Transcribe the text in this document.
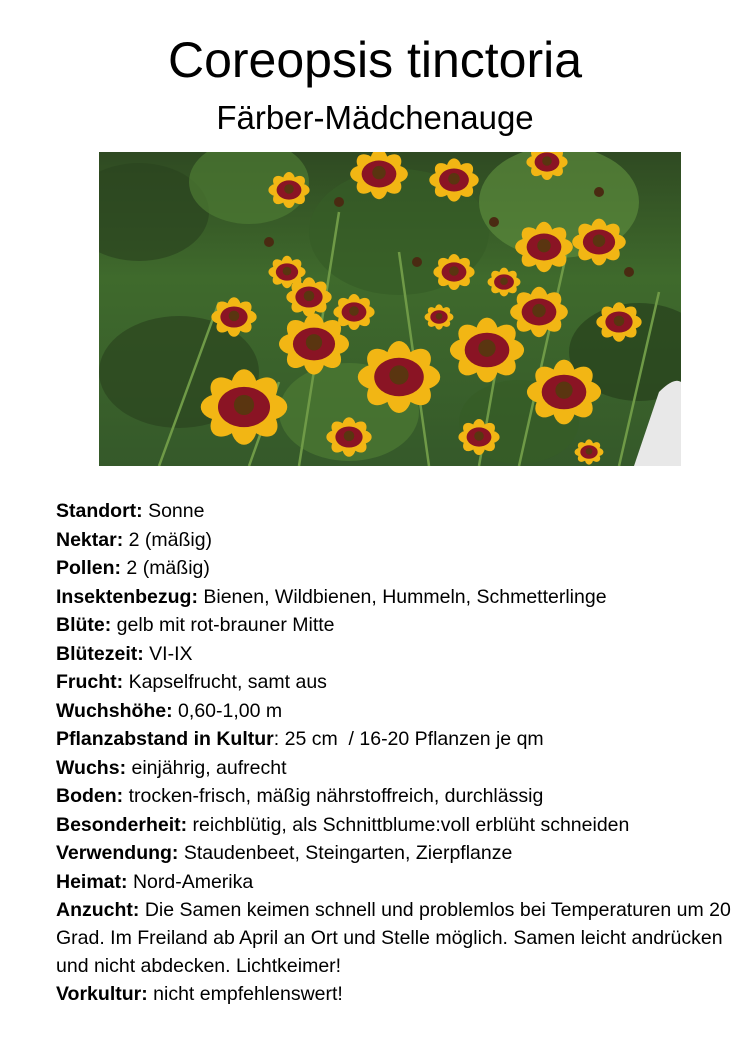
Coreopsis tinctoria
Färber-Mädchenauge
Standort: Sonne
Nektar: 2 (mäßig)
Pollen: 2 (mäßig)
Insektenbezug: Bienen, Wildbienen, Hummeln, Schmetterlinge
Blüte: gelb mit rot-brauner Mitte
Blütezeit: VI-IX
Frucht: Kapselfrucht, samt aus
Wuchshöhe: 0,60-1,00 m
Pflanzabstand in Kultur: 25 cm  / 16-20 Pflanzen je qm
Wuchs: einjährig, aufrecht
Boden: trocken-frisch, mäßig nährstoffreich, durchlässig
Besonderheit: reichblütig, als Schnittblume:voll erblüht schneiden
Verwendung: Staudenbeet, Steingarten, Zierpflanze
Heimat: Nord-Amerika
Anzucht: Die Samen keimen schnell und problemlos bei Temperaturen um 20 Grad. Im Freiland ab April an Ort und Stelle möglich. Samen leicht andrücken und nicht abdecken. Lichtkeimer!
Vorkultur: nicht empfehlenswert!
